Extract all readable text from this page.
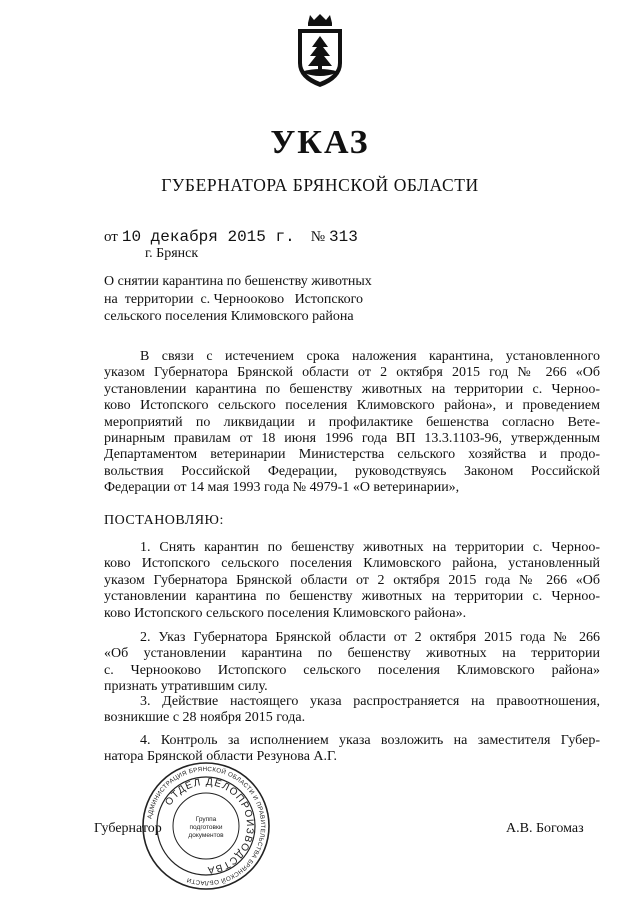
УКАЗ
ГУБЕРНАТОРА БРЯНСКОЙ ОБЛАСТИ
от 10 декабря 2015 г. № 313
г. Брянск
О снятии карантина по бешенству животных
на  территории  с. Чернооково   Истопского
сельского поселения Климовского района
В связи с истечением срока наложения карантина, установленного
указом Губернатора Брянской области от 2 октября 2015 год № 266 «Об
установлении карантина по бешенству животных на территории с. Черноо-
ково Истопского сельского поселения Климовского района», и проведением
мероприятий по ликвидации и профилактике бешенства согласно Ветe-
ринарным правилам от 18 июня 1996 года ВП 13.3.1103-96, утвержденным
Департаментом ветеринарии Министерства сельского хозяйства и продо-
вольствия Российской Федерации, руководствуясь Законом Российской
Федерации от 14 мая 1993 года № 4979-1 «О ветеринарии»,
ПОСТАНОВЛЯЮ:
1. Снять карантин по бешенству животных на территории с. Черноо-
ково Истопского сельского поселения Климовского района, установленный
указом Губернатора Брянской области от 2 октября 2015 года № 266 «Об
установлении карантина по бешенству животных на территории с. Черноо-
ково Истопского сельского поселения Климовского района».
2. Указ Губернатора Брянской области от 2 октября 2015 года № 266
«Об установлении карантина по бешенству животных на территории
с. Чернооково Истопского сельского поселения Климовского района»
признать утратившим силу.
3. Действие настоящего указа распространяется на правоотношения,
возникшие с 28 ноября 2015 года.
4. Контроль за исполнением указа возложить на заместителя Губер-
натора Брянской области Резунова А.Г.
Губернатор	А.В. Богомаз
АДМИНИСТРАЦИЯ БРЯНСКОЙ ОБЛАСТИ И ПРАВИТЕЛЬСТВА БРЯНСКОЙ ОБЛАСТИ
ОТДЕЛ ДЕЛОПРОИЗВОДСТВА
Группа
подготовки
документов
